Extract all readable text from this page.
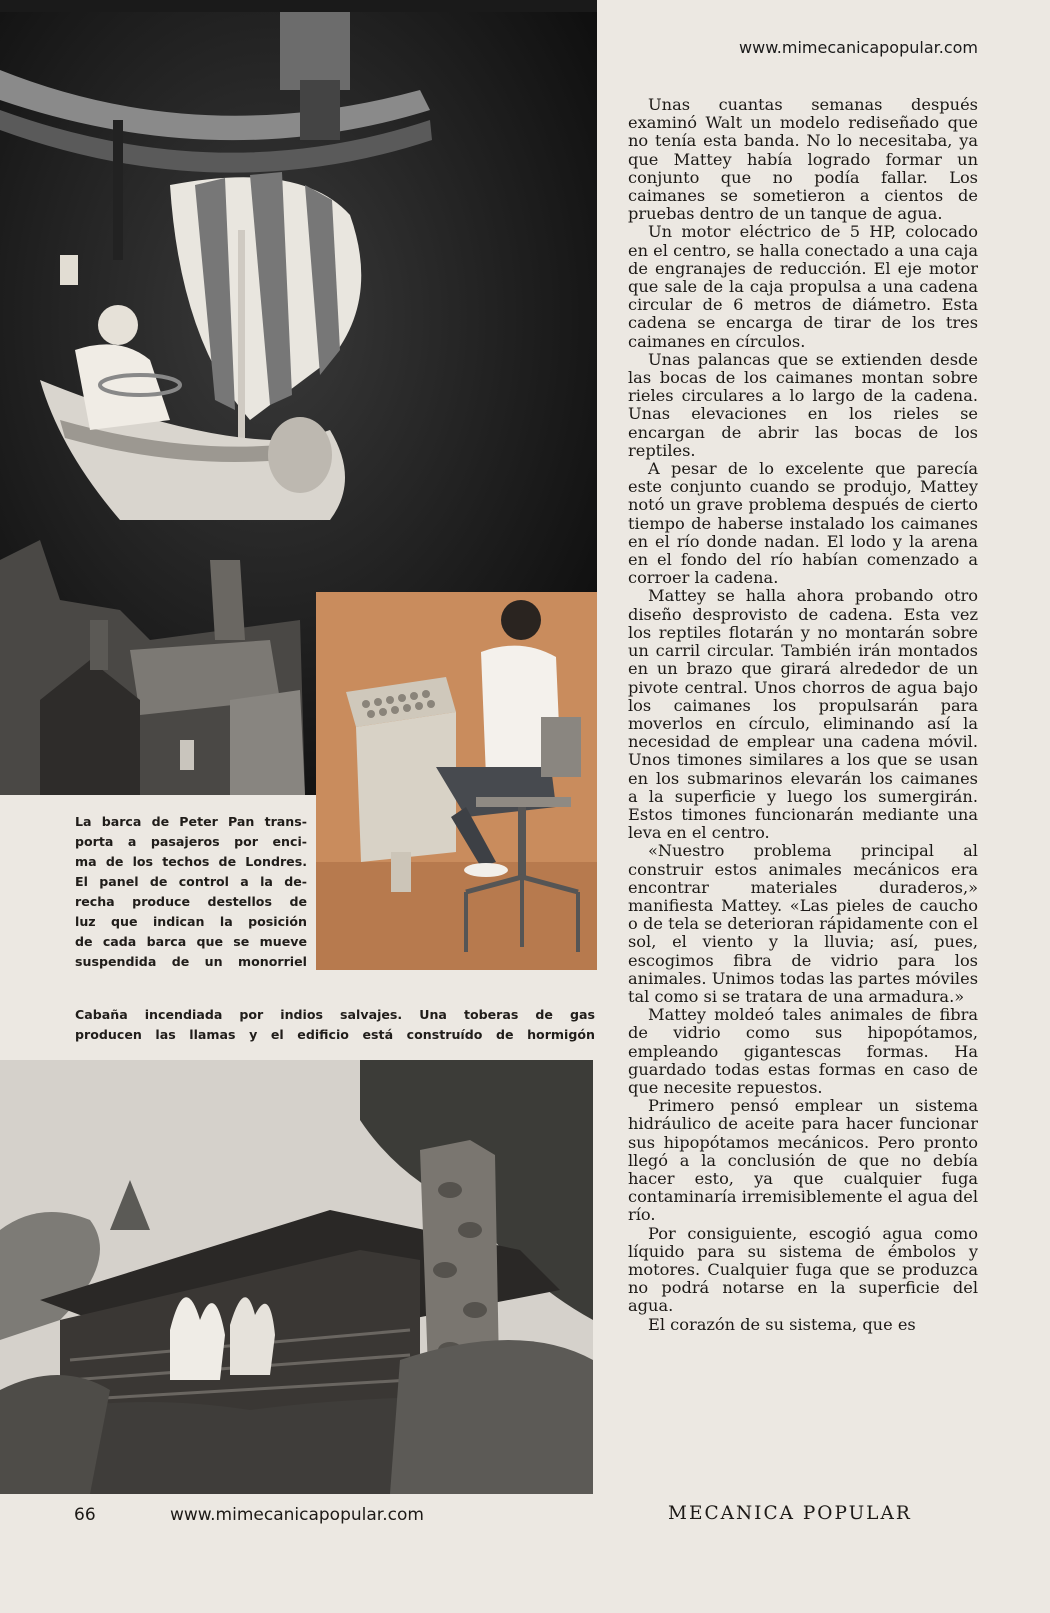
La barca de Peter Pan trans-
porta a pasajeros por enci-
ma de los techos de Londres.
El panel de control a la de-
recha produce destellos de
luz que indican la posición
de cada barca que se mueve
suspendida de un monorriel
Cabaña incendiada por indios salvajes. Una toberas de gas
producen las llamas y el edificio está construído de hormigón
www.mimecanicapopular.com

Unas cuantas semanas después examinó Walt un modelo rediseñado que no tenía esta banda. No lo necesitaba, ya que Mattey había logrado formar un conjunto que no podía fallar. Los caimanes se sometieron a cientos de pruebas dentro de un tanque de agua.

Un motor eléctrico de 5 HP, colocado en el centro, se halla conectado a una caja de engranajes de reducción. El eje motor que sale de la caja propulsa a una cadena circular de 6 metros de diámetro. Esta cadena se encarga de tirar de los tres caimanes en círculos.

Unas palancas que se extienden desde las bocas de los caimanes montan sobre rieles circulares a lo largo de la cadena. Unas elevaciones en los rieles se encargan de abrir las bocas de los reptiles.

A pesar de lo excelente que parecía este conjunto cuando se produjo, Mattey notó un grave problema después de cierto tiempo de haberse instalado los caimanes en el río donde nadan. El lodo y la arena en el fondo del río habían comenzado a corroer la cadena.

Mattey se halla ahora probando otro diseño desprovisto de cadena. Esta vez los reptiles flotarán y no montarán sobre un carril circular. También irán montados en un brazo que girará alrededor de un pivote central. Unos chorros de agua bajo los caimanes los propulsarán para moverlos en círculo, eliminando así la necesidad de emplear una cadena móvil. Unos timones similares a los que se usan en los submarinos elevarán los caimanes a la superficie y luego los sumergirán. Estos timones funcionarán mediante una leva en el centro.

«Nuestro problema principal al construir estos animales mecánicos era encontrar materiales duraderos,» manifiesta Mattey. «Las pieles de caucho o de tela se deterioran rápidamente con el sol, el viento y la lluvia; así, pues, escogimos fibra de vidrio para los animales. Unimos todas las partes móviles tal como si se tratara de una armadura.»

Mattey moldeó tales animales de fibra de vidrio como sus hipopótamos, empleando gigantescas formas. Ha guardado todas estas formas en caso de que necesite repuestos.

Primero pensó emplear un sistema hidráulico de aceite para hacer funcionar sus hipopótamos mecánicos. Pero pronto llegó a la conclusión de que no debía hacer esto, ya que cualquier fuga contaminaría irremisiblemente el agua del río.

Por consiguiente, escogió agua como líquido para su sistema de émbolos y motores. Cualquier fuga que se produzca no podrá notarse en la superficie del agua.

El corazón de su sistema, que es

66	www.mimecanicapopular.com	MECANICA POPULAR
